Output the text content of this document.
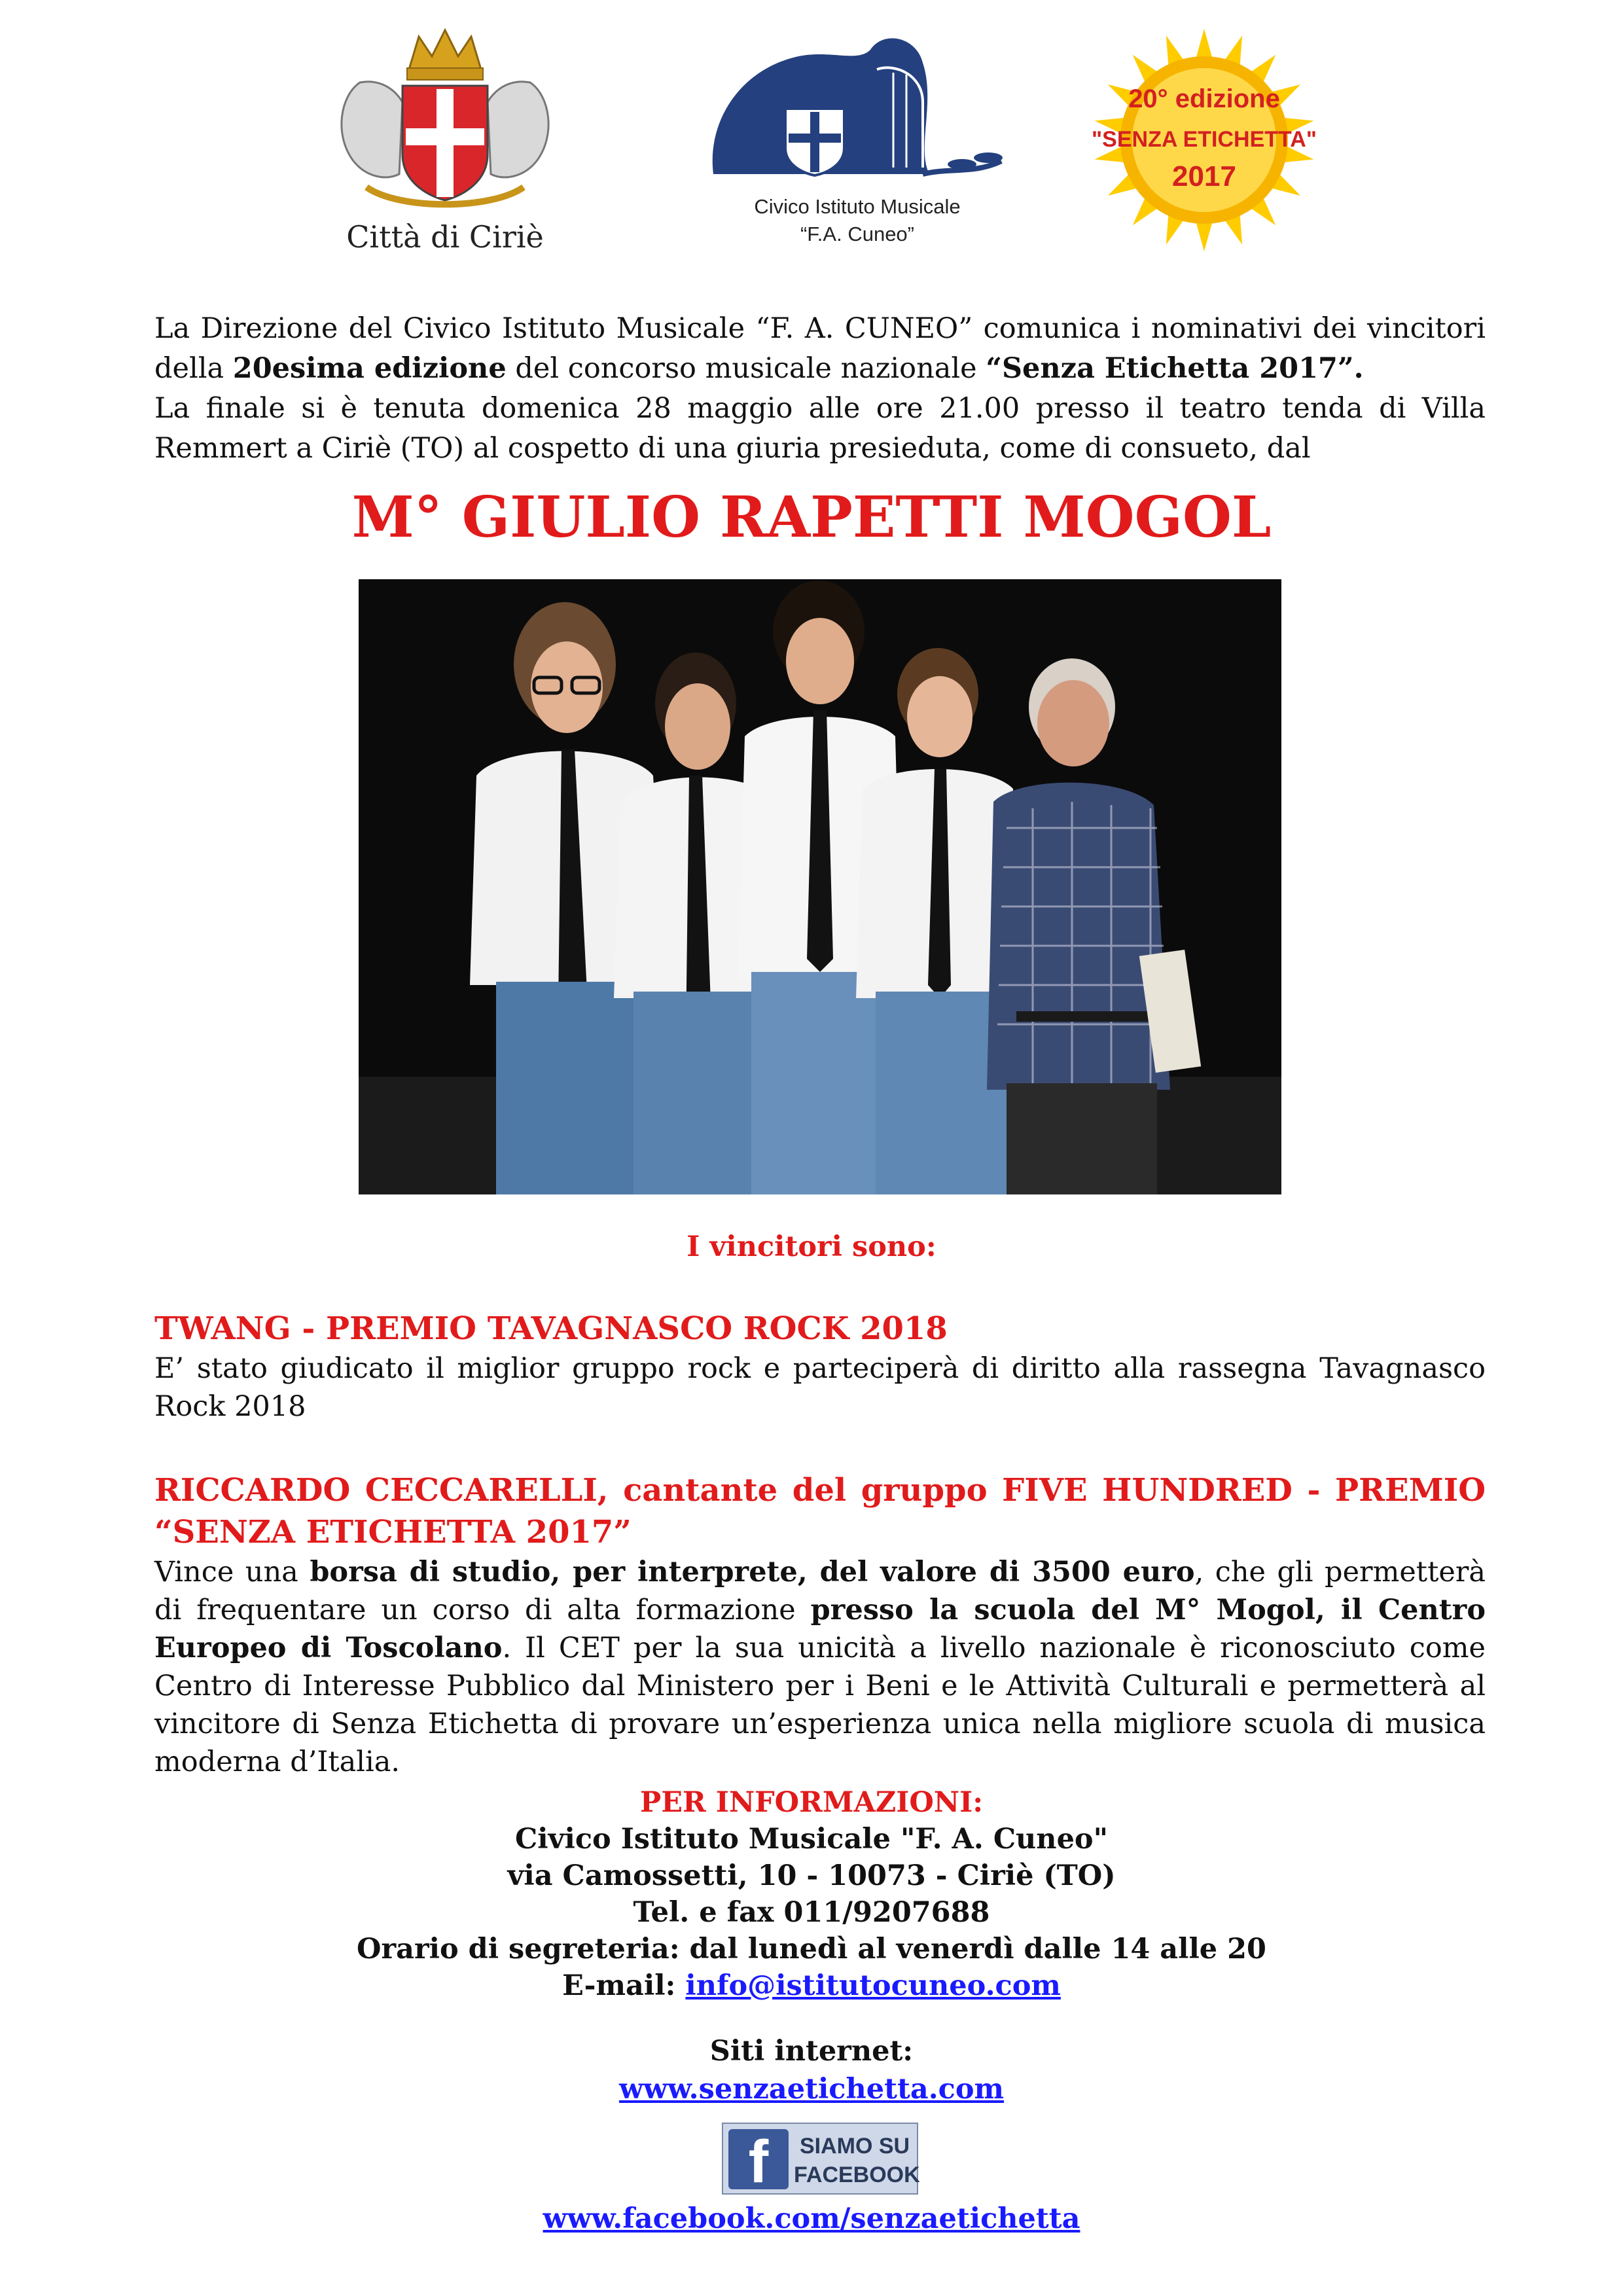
Città di Ciriè
Civico Istituto Musicale
“F.A. Cuneo”
20° edizione
"SENZA ETICHETTA"
2017

La Direzione del Civico Istituto Musicale “F. A. CUNEO” comunica i nominativi dei vincitori della 20esima edizione del concorso musicale nazionale “Senza Etichetta 2017”.

La finale si è tenuta domenica 28 maggio alle ore 21.00 presso il teatro tenda di Villa Remmert a Ciriè (TO) al cospetto di una giuria presieduta, come di consueto, dal

M° GIULIO RAPETTI MOGOL
I vincitori sono:

TWANG - PREMIO TAVAGNASCO ROCK 2018

E’ stato giudicato il miglior gruppo rock e parteciperà di diritto alla rassegna Tavagnasco Rock 2018

RICCARDO CECCARELLI, cantante del gruppo FIVE HUNDRED - PREMIO “SENZA ETICHETTA 2017”

Vince una borsa di studio, per interprete, del valore di 3500 euro, che gli permetterà di frequentare un corso di alta formazione presso la scuola del M° Mogol, il Centro Europeo di Toscolano. Il CET per la sua unicità a livello nazionale è riconosciuto come Centro di Interesse Pubblico dal Ministero per i Beni e le Attività Culturali e permetterà al vincitore di Senza Etichetta di provare un’esperienza unica nella migliore scuola di musica moderna d’Italia.

PER INFORMAZIONI:
Civico Istituto Musicale "F. A. Cuneo"
via Camossetti, 10 - 10073 - Ciriè (TO)
Tel. e fax 011/9207688
Orario di segreteria: dal lunedì al venerdì dalle 14 alle 20
E-mail: info@istitutocuneo.com
Siti internet:
www.senzaetichetta.com
f	SIAMO SU
FACEBOOK
www.facebook.com/senzaetichetta
